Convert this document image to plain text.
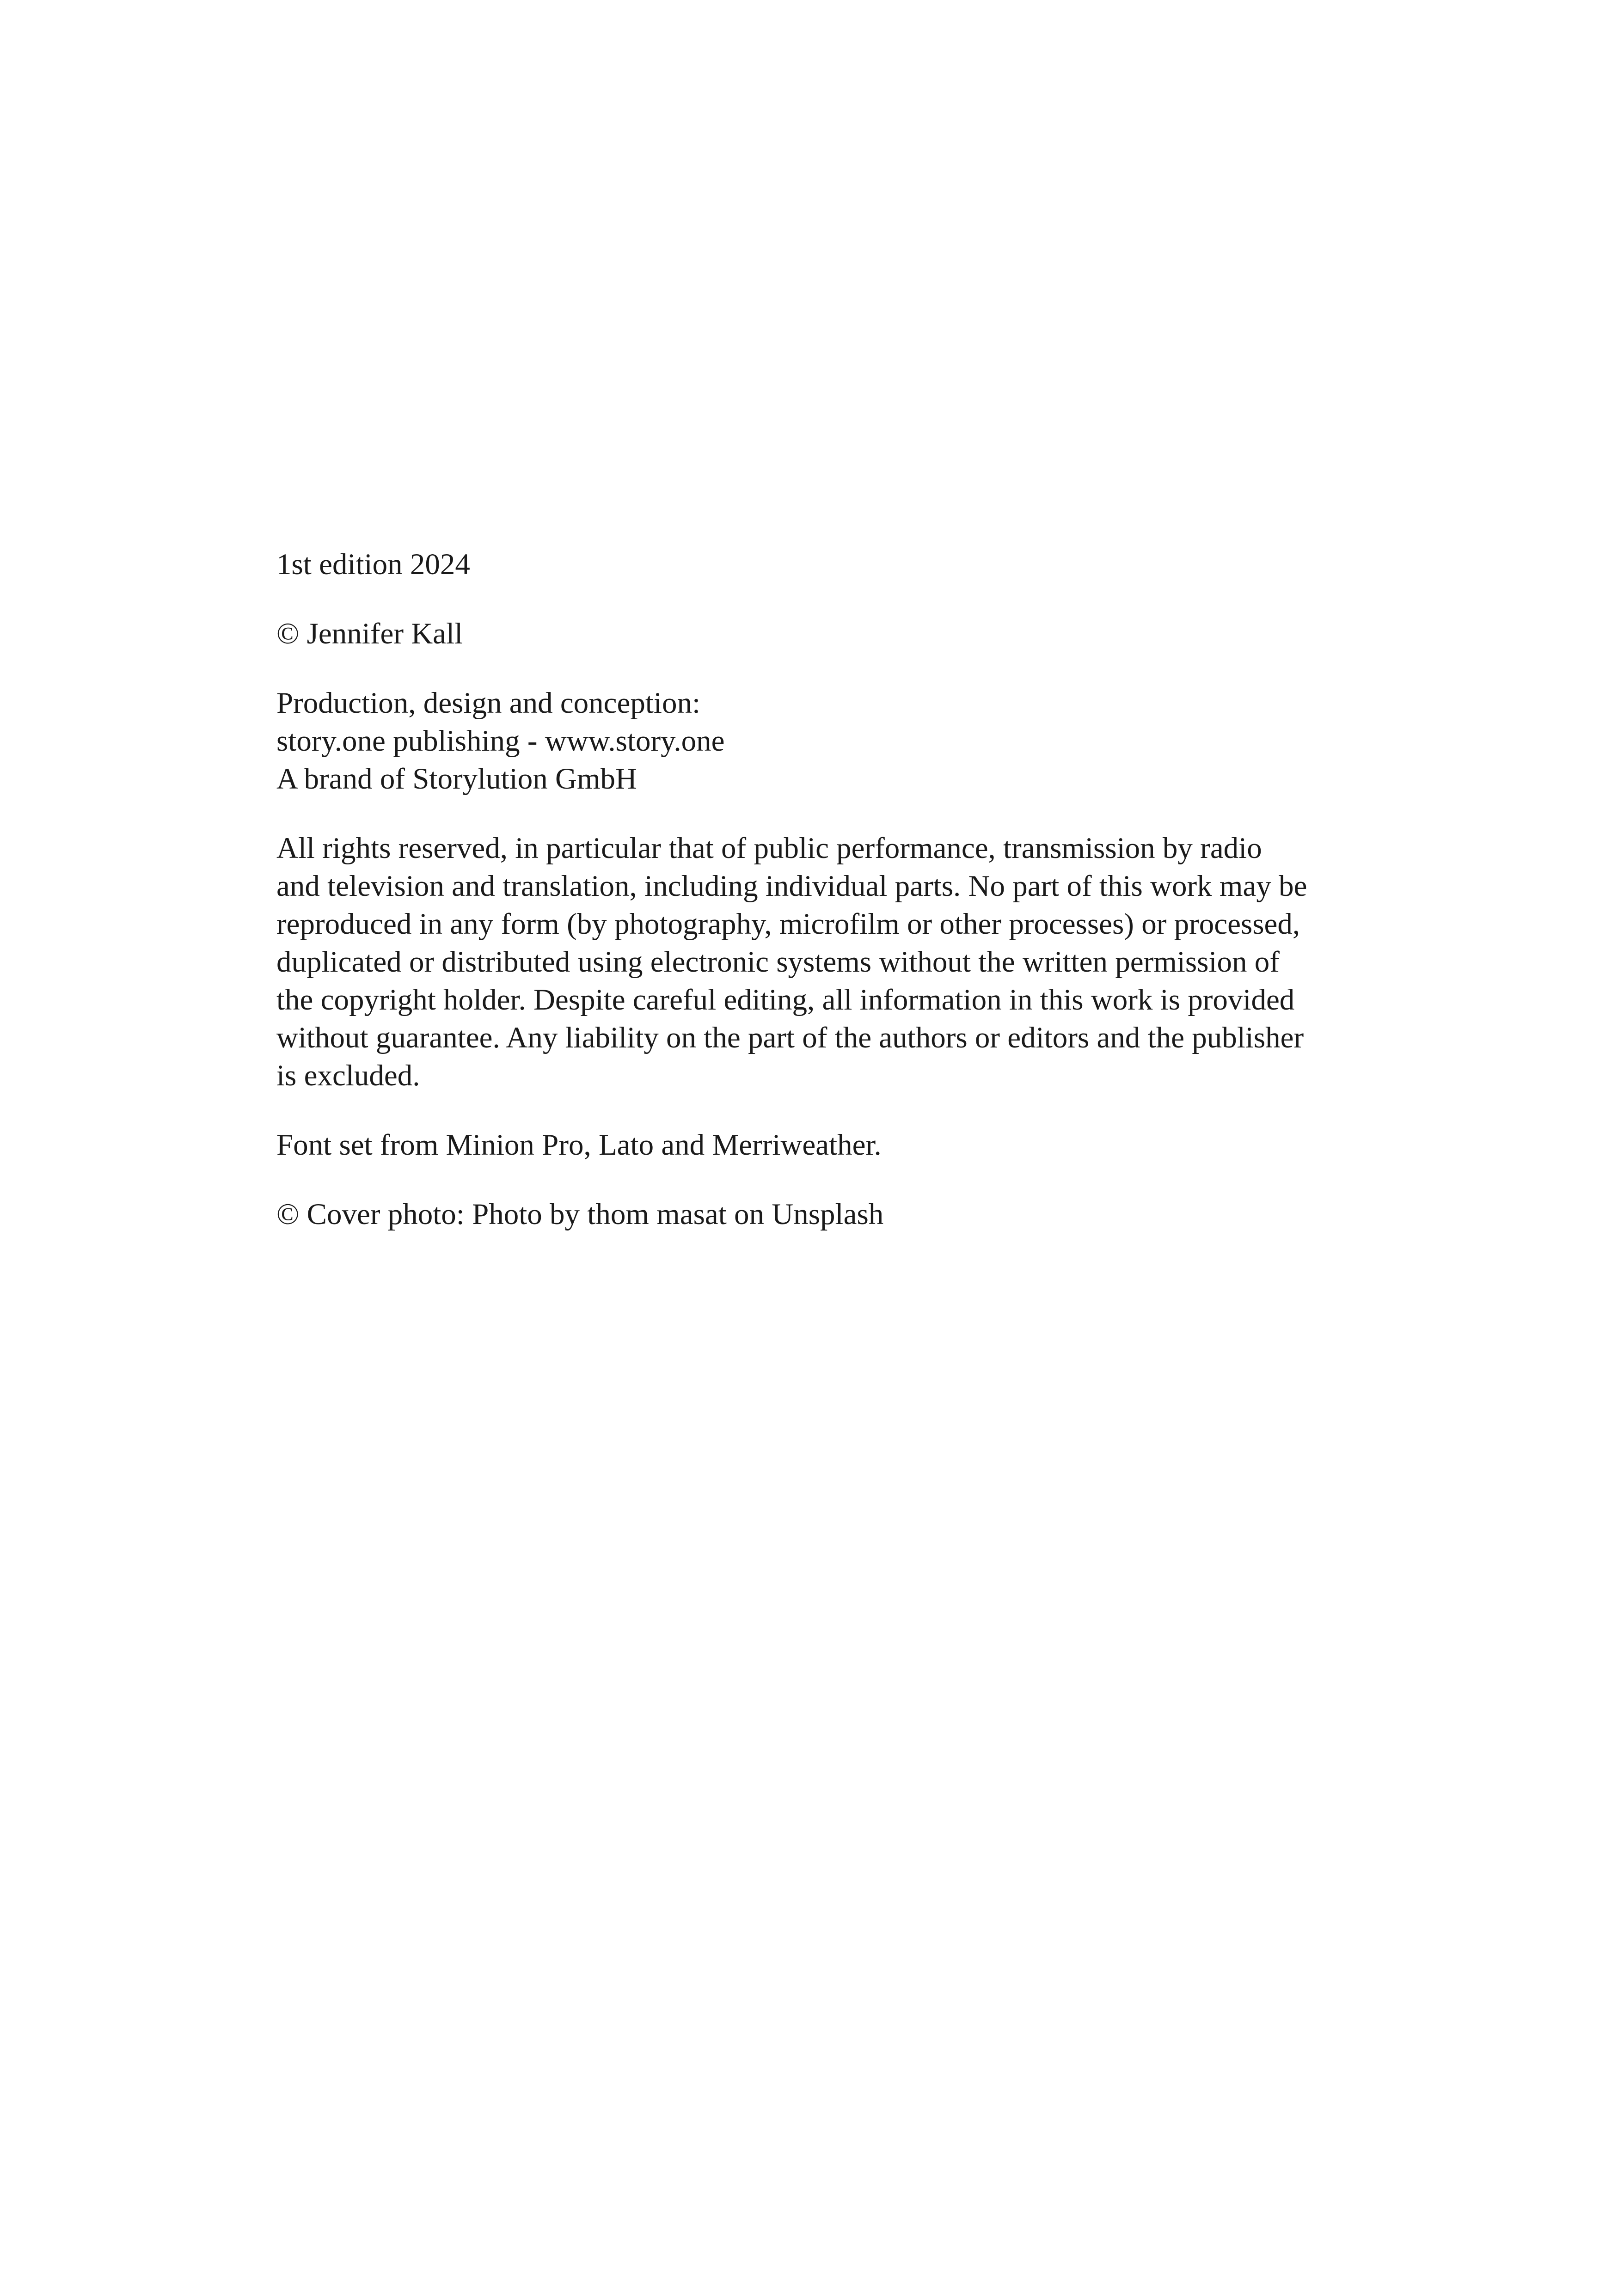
1st edition 2024

© Jennifer Kall

Production, design and conception:
story.one publishing - www.story.one
A brand of Storylution GmbH

All rights reserved, in particular that of public performance, transmission by radio
and television and translation, including individual parts. No part of this work may be
reproduced in any form (by photography, microfilm or other processes) or processed,
duplicated or distributed using electronic systems without the written permission of
the copyright holder. Despite careful editing, all information in this work is provided
without guarantee. Any liability on the part of the authors or editors and the publisher
is excluded.

Font set from Minion Pro, Lato and Merriweather.

© Cover photo: Photo by thom masat on Unsplash
